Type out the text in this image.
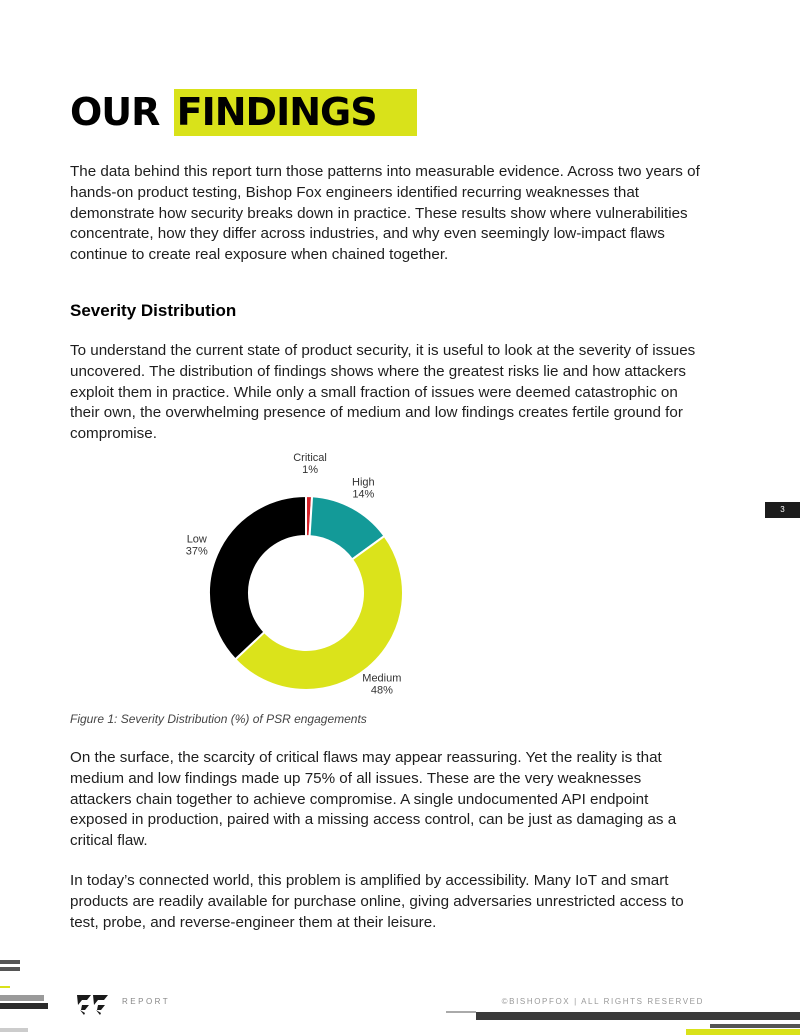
OUR FINDINGS

The data behind this report turn those patterns into measurable evidence. Across two years of hands-on product testing, Bishop Fox engineers identified recurring weaknesses that demonstrate how security breaks down in practice. These results show where vulnerabilities concentrate, how they differ across industries, and why even seemingly low-impact flaws continue to create real exposure when chained together.

Severity Distribution

To understand the current state of product security, it is useful to look at the severity of issues uncovered. The distribution of findings shows where the greatest risks lie and how attackers exploit them in practice. While only a small fraction of issues were deemed catastrophic on their own, the overwhelming presence of medium and low findings creates fertile ground for compromise.

Critical 1%
High 14%
Medium 48%
Low 37%

Figure 1: Severity Distribution (%) of PSR engagements

On the surface, the scarcity of critical flaws may appear reassuring. Yet the reality is that medium and low findings made up 75% of all issues. These are the very weaknesses attackers chain together to achieve compromise. A single undocumented API endpoint exposed in production, paired with a missing access control, can be just as damaging as a critical flaw.

In today’s connected world, this problem is amplified by accessibility. Many IoT and smart products are readily available for purchase online, giving adversaries unrestricted access to test, probe, and reverse-engineer them at their leisure.

3
REPORT	©BISHOPFOX | ALL RIGHTS RESERVED
